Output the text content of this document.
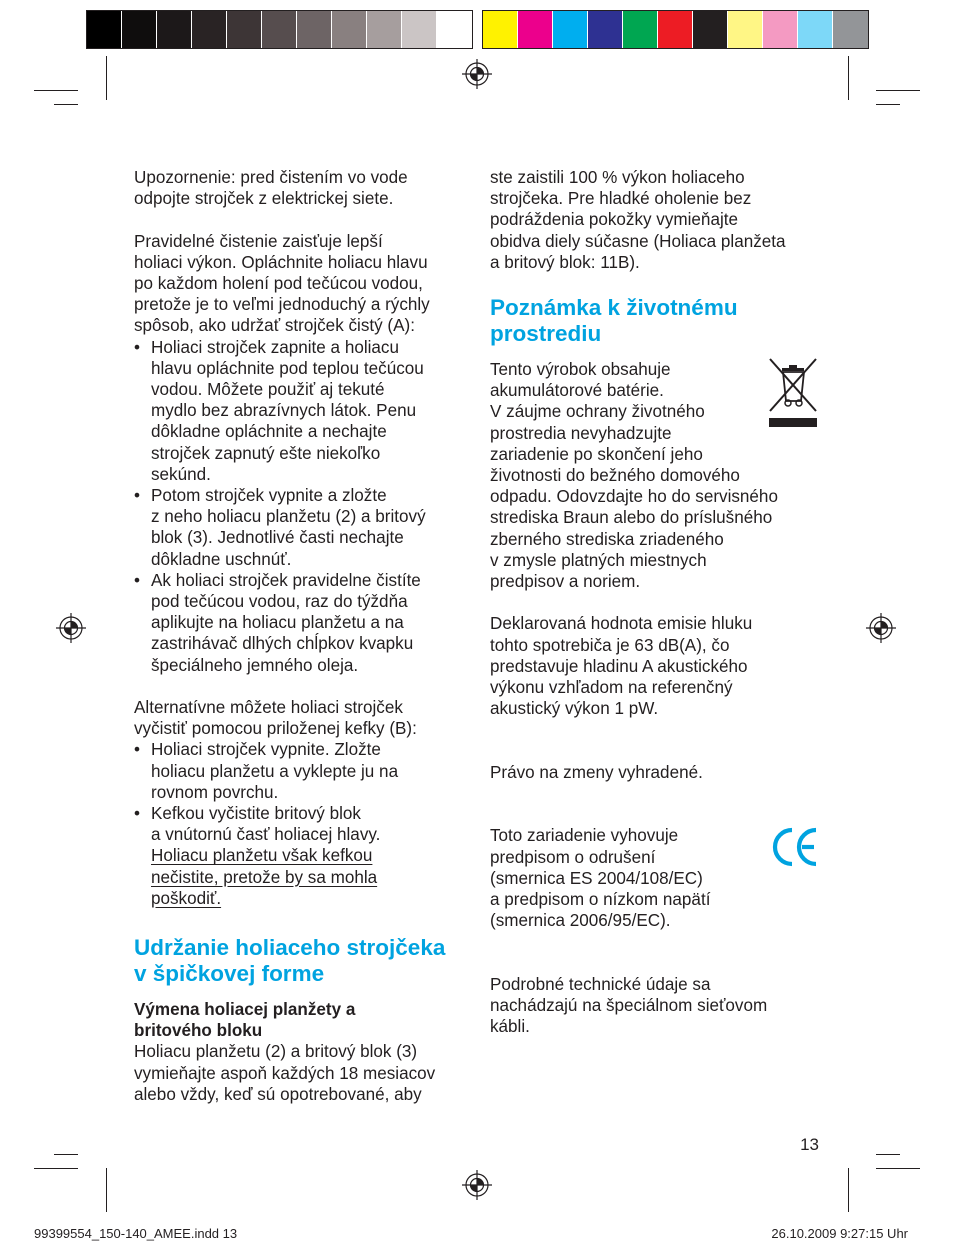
Upozornenie: pred čistením vo vode
odpojte strojček z elektrickej siete.

Pravidelné čistenie zaisťuje lepší
holiaci výkon. Opláchnite holiacu hlavu
po každom holení pod tečúcou vodou,
pretože je to veľmi jednoduchý a rýchly
spôsob, ako udržať strojček čistý (A):

• Holiaci strojček zapnite a holiacu
hlavu opláchnite pod teplou tečúcou
vodou. Môžete použiť aj tekuté
mydlo bez abrazívnych látok. Penu
dôkladne opláchnite a nechajte
strojček zapnutý ešte niekoľko
sekúnd.
• Potom strojček vypnite a zložte
z neho holiacu planžetu (2) a britový
blok (3). Jednotlivé časti nechajte
dôkladne uschnúť.
• Ak holiaci strojček pravidelne čistíte
pod tečúcou vodou, raz do týždňa
aplikujte na holiacu planžetu a na
zastrihávač dlhých chĺpkov kvapku
špeciálneho jemného oleja.

Alternatívne môžete holiaci strojček
vyčistiť pomocou priloženej kefky (B):

• Holiaci strojček vypnite. Zložte
holiacu planžetu a vyklepte ju na
rovnom povrchu.
• Kefkou vyčistite britový blok
a vnútornú časť holiacej hlavy.
Holiacu planžetu však kefkou
nečistite, pretože by sa mohla
poškodiť.
Udržanie holiaceho strojčeka
v špičkovej forme

Výmena holiacej planžety a
britového bloku

Holiacu planžetu (2) a britový blok (3)
vymieňajte aspoň každých 18 mesiacov
alebo vždy, keď sú opotrebované, aby

ste zaistili 100 % výkon holiaceho
strojčeka. Pre hladké oholenie bez
podráždenia pokožky vymieňajte
obidva diely súčasne (Holiaca planžeta
a britový blok: 11B).

Poznámka k životnému
prostrediu

Tento výrobok obsahuje
akumulátorové batérie.
V záujme ochrany životného
prostredia nevyhadzujte
zariadenie po skončení jeho
životnosti do bežného domového
odpadu. Odovzdajte ho do servisného
strediska Braun alebo do príslušného
zberného strediska zriadeného
v zmysle platných miestnych
predpisov a noriem.

Deklarovaná hodnota emisie hluku
tohto spotrebiča je 63 dB(A), čo
predstavuje hladinu A akustického
výkonu vzhľadom na referenčný
akustický výkon 1 pW.

Právo na zmeny vyhradené.

Toto zariadenie vyhovuje
predpisom o odrušení
(smernica ES 2004/108/EC)
a predpisom o nízkom napätí
(smernica 2006/95/EC).

Podrobné technické údaje sa
nachádzajú na špeciálnom sieťovom
kábli.

13
99399554_150-140_AMEE.indd 13	26.10.2009 9:27:15 Uhr
